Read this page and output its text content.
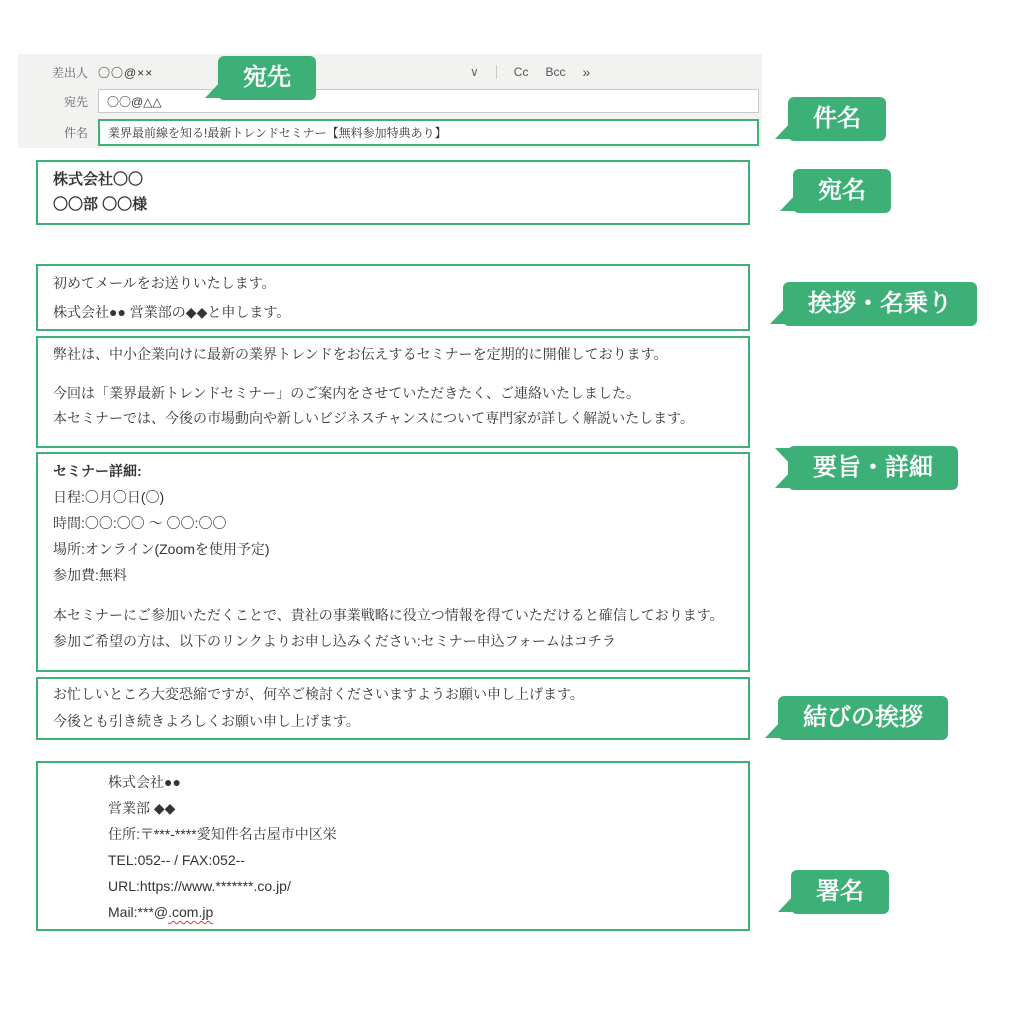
差出人 〇〇@××	∨	Cc Bcc »
宛先	〇〇@△△
件名	業界最前線を知る!最新トレンドセミナー【無料参加特典あり】
株式会社〇〇
〇〇部 〇〇様
初めてメールをお送りいたします。
株式会社●● 営業部の◆◆と申します。
弊社は、中小企業向けに最新の業界トレンドをお伝えするセミナーを定期的に開催しております。
今回は「業界最新トレンドセミナー」のご案内をさせていただきたく、ご連絡いたしました。
本セミナーでは、今後の市場動向や新しいビジネスチャンスについて専門家が詳しく解説いたします。
セミナー詳細:
日程:〇月〇日(〇)
時間:〇〇:〇〇 〜 〇〇:〇〇
場所:オンライン(Zoomを使用予定)
参加費:無料
本セミナーにご参加いただくことで、貴社の事業戦略に役立つ情報を得ていただけると確信しております。
参加ご希望の方は、以下のリンクよりお申し込みください:セミナー申込フォームはコチラ
お忙しいところ大変恐縮ですが、何卒ご検討くださいますようお願い申し上げます。
今後とも引き続きよろしくお願い申し上げます。
株式会社●●
営業部 ◆◆
住所:〒***-****愛知件名古屋市中区栄
TEL:052-- / FAX:052--
URL:https://www.*******.co.jp/
Mail:***@.com.jp
宛先
件名
宛名
挨拶・名乗り
要旨・詳細
結びの挨拶
署名
